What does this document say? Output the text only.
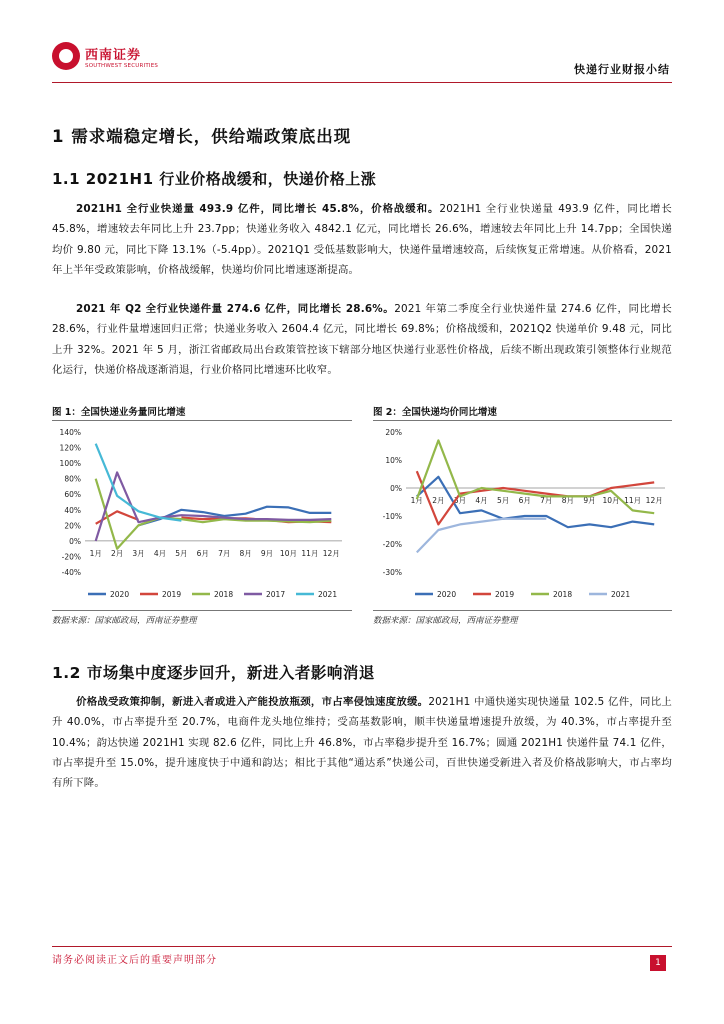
西南证券
SOUTHWEST SECURITIES	快递行业财报小结
1 需求端稳定增长，供给端政策底出现
1.1 2021H1 行业价格战缓和，快递价格上涨
2021H1 全行业快递量 493.9 亿件，同比增长 45.8%，价格战缓和。2021H1 全行业快递量 493.9 亿件，同比增长 45.8%，增速较去年同比上升 23.7pp；快递业务收入 4842.1 亿元，同比增长 26.6%，增速较去年同比上升 14.7pp；全国快递均价 9.80 元，同比下降 13.1%（-5.4pp）。2021Q1 受低基数影响大，快递件量增速较高，后续恢复正常增速。从价格看，2021 年上半年受政策影响，价格战缓解，快递均价同比增速逐渐提高。
2021 年 Q2 全行业快递件量 274.6 亿件，同比增长 28.6%。2021 年第二季度全行业快递件量 274.6 亿件，同比增长 28.6%，行业件量增速回归正常；快递业务收入 2604.4 亿元，同比增长 69.8%；价格战缓和，2021Q2 快递单价 9.48 元，同比上升 32%。2021 年 5 月，浙江省邮政局出台政策管控该下辖部分地区快递行业恶性价格战，后续不断出现政策引领整体行业规范化运行，快递价格战逐渐消退，行业价格同比增速环比收窄。
图 1：全国快递业务量同比增速
140%
120%
100%
80%
60%
40%
20%
0%
-20%
-40%
1月 2月 3月 4月 5月 6月 7月 8月 9月 10月 11月 12月
2020	2019	2018	2017	2021
数据来源：国家邮政局，西南证券整理
图 2：全国快递均价同比增速
20%
10%
0%
-10%
-20%
-30%
1月 2月 3月 4月 5月 6月 7月 8月 9月 10月 11月 12月
2020	2019	2018	2021
数据来源：国家邮政局，西南证券整理
1.2 市场集中度逐步回升，新进入者影响消退
价格战受政策抑制，新进入者或进入产能投放瓶颈，市占率侵蚀速度放缓。2021H1 中通快递实现快递量 102.5 亿件，同比上升 40.0%，市占率提升至 20.7%，电商件龙头地位维持；受高基数影响，顺丰快递量增速提升放缓，为 40.3%，市占率提升至 10.4%；韵达快递 2021H1 实现 82.6 亿件，同比上升 46.8%，市占率稳步提升至 16.7%；圆通 2021H1 快递件量 74.1 亿件，市占率提升至 15.0%，提升速度快于中通和韵达；相比于其他“通达系”快递公司，百世快递受新进入者及价格战影响大，市占率均有所下降。
请务必阅读正文后的重要声明部分	1
